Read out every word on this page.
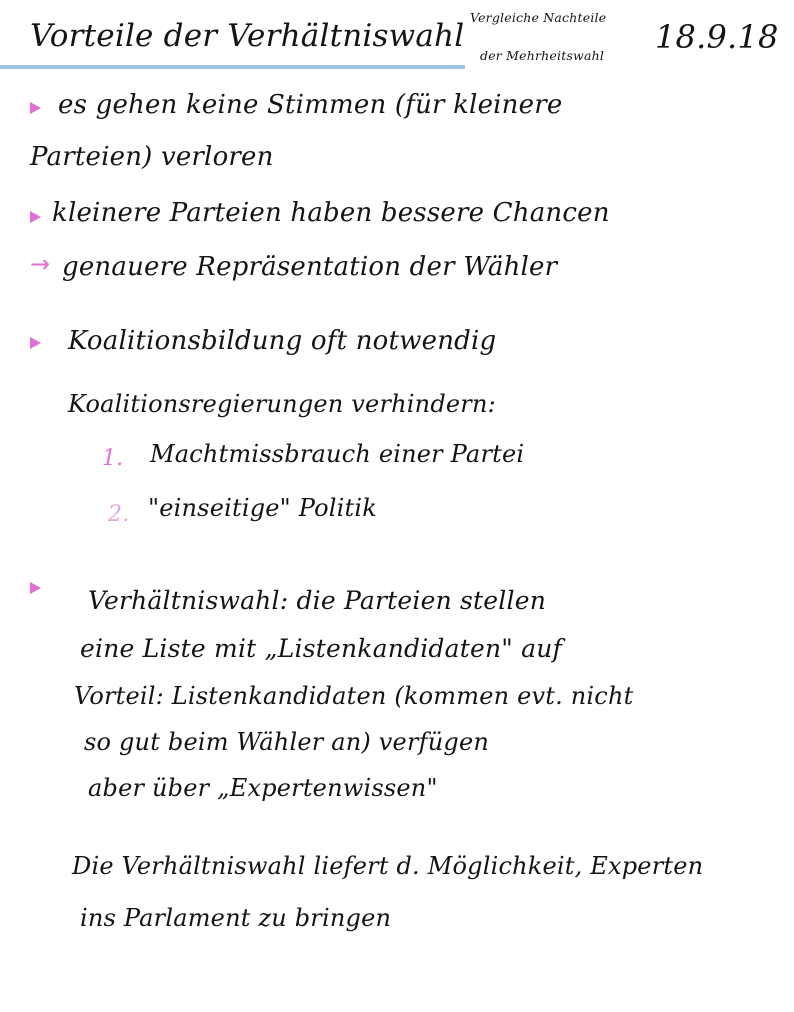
Vorteile der Verhältniswahl
Vergleiche Nachteile
der Mehrheitswahl 18.9.18
es gehen keine Stimmen (für kleinere
Parteien) verloren
kleinere Parteien haben bessere Chancen
→ genauere Repräsentation der Wähler
Koalitionsbildung oft notwendig
Koalitionsregierungen verhindern:
1. Machtmissbrauch einer Partei
2. "einseitige" Politik
Verhältniswahl: die Parteien stellen
eine Liste mit „Listenkandidaten" auf
Vorteil: Listenkandidaten (kommen evt. nicht
so gut beim Wähler an) verfügen
aber über „Expertenwissen"
Die Verhältniswahl liefert d. Möglichkeit, Experten
ins Parlament zu bringen
